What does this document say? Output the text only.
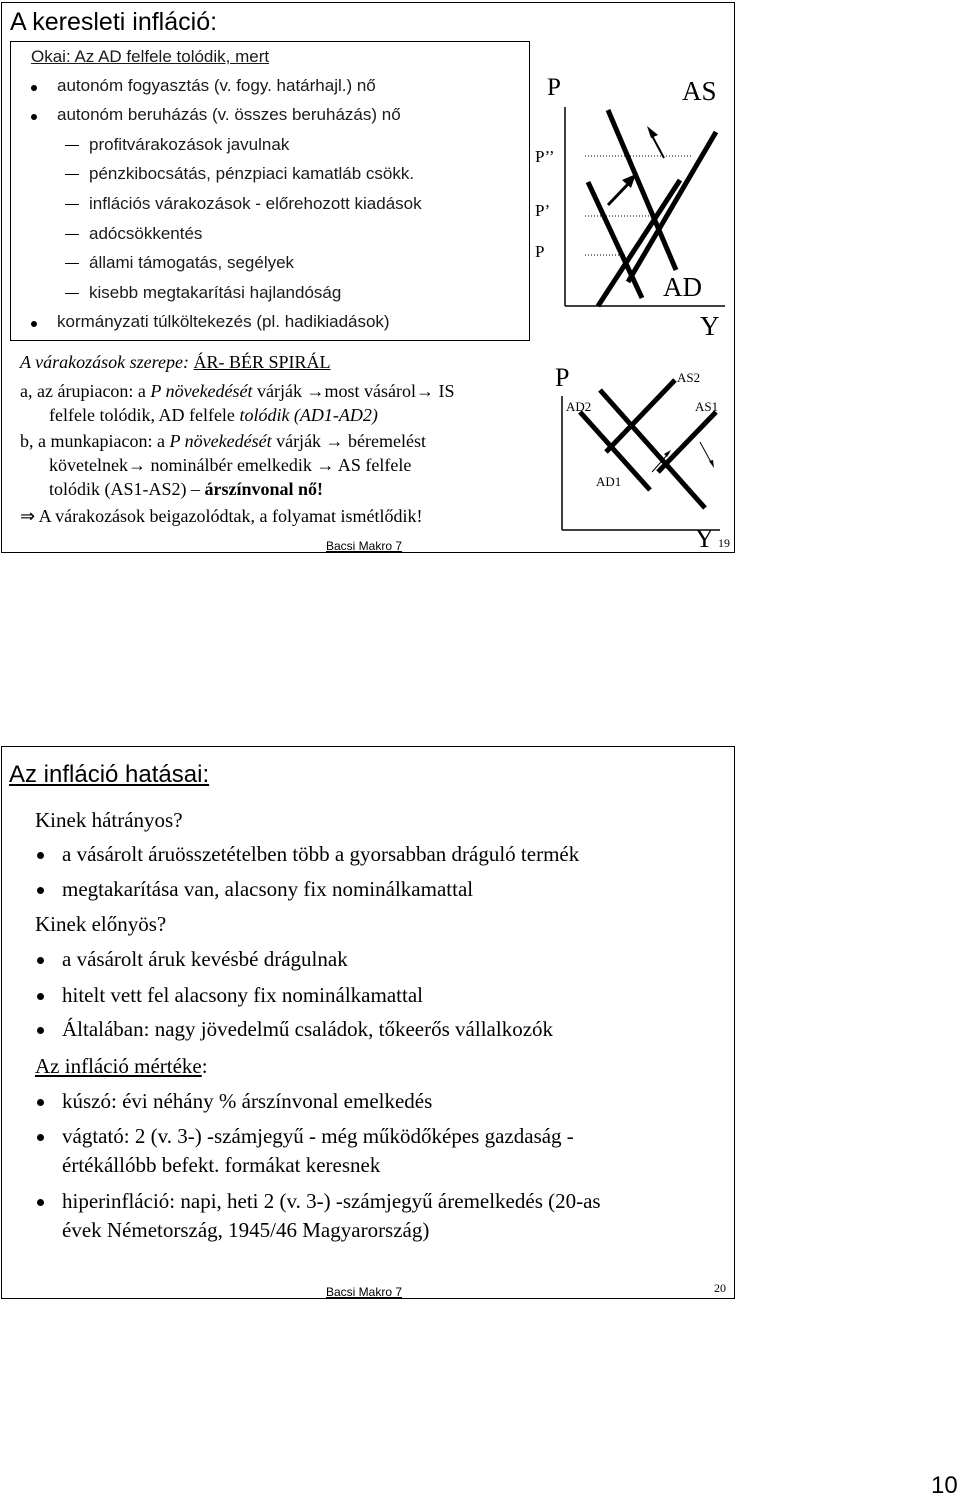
A keresleti infláció:
Okai: Az AD felfele tolódik, mert
autonóm fogyasztás (v. fogy. határhajl.) nő
autonóm beruházás (v. összes beruházás) nő
profitvárakozások javulnak
pénzkibocsátás, pénzpiaci kamatláb csökk.
inflációs várakozások - előrehozott kiadások
adócsökkentés
állami támogatás, segélyek
kisebb megtakarítási hajlandóság
kormányzati túlköltekezés (pl. hadikiadások)
A várakozások szerepe: ÁR- BÉR SPIRÁL
a, az árupiacon: a P növekedését várják →most vásárol→ IS
felfele tolódik, AD felfele tolódik (AD1-AD2)
b, a munkapiacon: a P növekedését várják → béremelést
követelnek→ nominálbér emelkedik → AS felfele
tolódik (AS1-AS2) – árszínvonal nő!
⇒ A várakozások beigazolódtak, a folyamat ismétlődik!
Bacsi Makro 7
P	AS
P’’
P’
P
AD
Y
P	AS2
AD2	AS1
AD1
Y 19
Az infláció hatásai:
Kinek hátrányos?
a vásárolt áruösszetételben több a gyorsabban dráguló termék
megtakarítása van, alacsony fix nominálkamattal
Kinek előnyös?
a vásárolt áruk kevésbé drágulnak
hitelt vett fel alacsony fix nominálkamattal
Általában: nagy jövedelmű családok, tőkeerős vállalkozók
Az infláció mértéke:
kúszó: évi néhány % árszínvonal emelkedés
vágtató: 2 (v. 3-) -számjegyű - még működőképes gazdaság -
értékállóbb befekt. formákat keresnek
hiperinfláció: napi, heti 2 (v. 3-) -számjegyű áremelkedés (20-as
évek Németország, 1945/46 Magyarország)
Bacsi Makro 7	20
10
